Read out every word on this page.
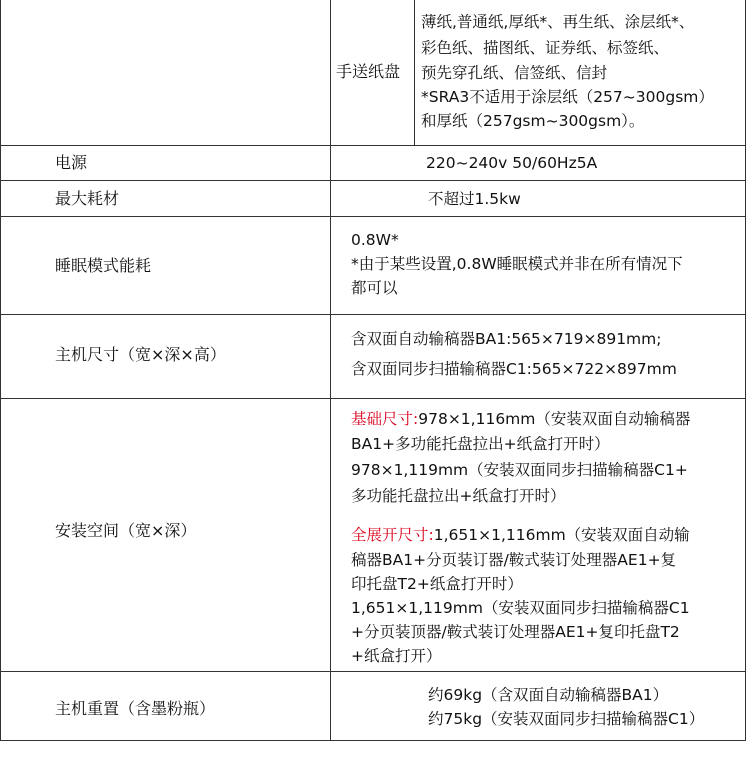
手送纸盘
薄纸,普通纸,厚纸*、再生纸、涂层纸*、
彩色纸、描图纸、证券纸、标签纸、
预先穿孔纸、信签纸、信封
*SRA3不适用于涂层纸（257~300gsm）
和厚纸（257gsm~300gsm）。
电源	220~240v 50/60Hz5A
最大耗材	不超过1.5kw
睡眠模式能耗
0.8W*
*由于某些设置,0.8W睡眠模式并非在所有情况下
都可以
主机尺寸（宽×深×高）
含双面自动输稿器BA1:565×719×891mm;
含双面同步扫描输稿器C1:565×722×897mm
安装空间（宽×深）
基础尺寸:978×1,116mm（安装双面自动输稿器
BA1+多功能托盘拉出+纸盒打开时）
978×1,119mm（安装双面同步扫描输稿器C1+
多功能托盘拉出+纸盒打开时）
全展开尺寸:1,651×1,116mm（安装双面自动输
稿器BA1+分页装订器/鞍式装订处理器AE1+复
印托盘T2+纸盒打开时）
1,651×1,119mm（安装双面同步扫描输稿器C1
+分页装顶器/鞍式装订处理器AE1+复印托盘T2
+纸盒打开）
主机重置（含墨粉瓶）
约69kg（含双面自动输稿器BA1）
约75kg（安装双面同步扫描输稿器C1）
